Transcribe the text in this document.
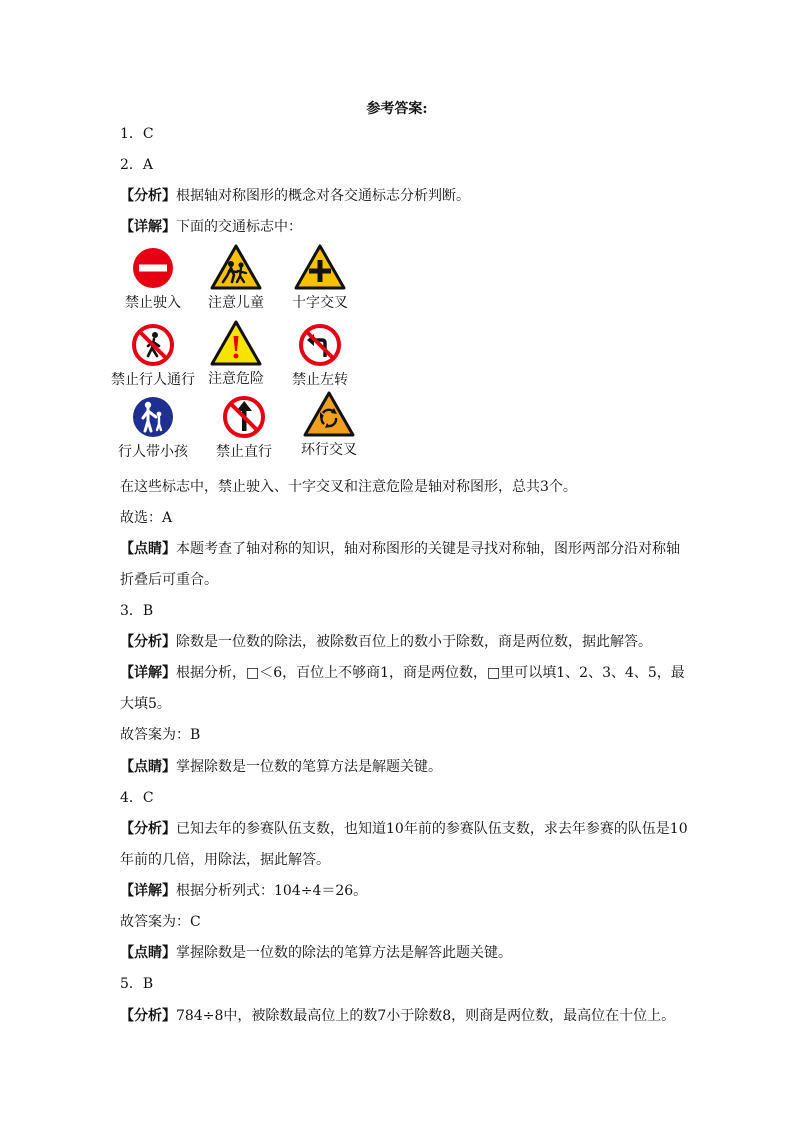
参考答案:
1．C
2．A
【分析】根据轴对称图形的概念对各交通标志分析判断。
【详解】下面的交通标志中：
禁止驶入	注意儿童	十字交叉
禁止行人通行 注意危险	禁止左转
行人带小孩	禁止直行	环行交叉
在这些标志中，禁止驶入、十字交叉和注意危险是轴对称图形，总共3个。
故选：A
【点睛】本题考查了轴对称的知识，轴对称图形的关键是寻找对称轴，图形两部分沿对称轴
折叠后可重合。
3．B
【分析】除数是一位数的除法，被除数百位上的数小于除数，商是两位数，据此解答。
【详解】根据分析，□＜6，百位上不够商1，商是两位数，□里可以填1、2、3、4、5，最
大填5。
故答案为：B
【点睛】掌握除数是一位数的笔算方法是解题关键。
4．C
【分析】已知去年的参赛队伍支数，也知道10年前的参赛队伍支数，求去年参赛的队伍是10
年前的几倍，用除法，据此解答。
【详解】根据分析列式：104÷4＝26。
故答案为：C
【点睛】掌握除数是一位数的除法的笔算方法是解答此题关键。
5．B
【分析】784÷8中，被除数最高位上的数7小于除数8，则商是两位数，最高位在十位上。
